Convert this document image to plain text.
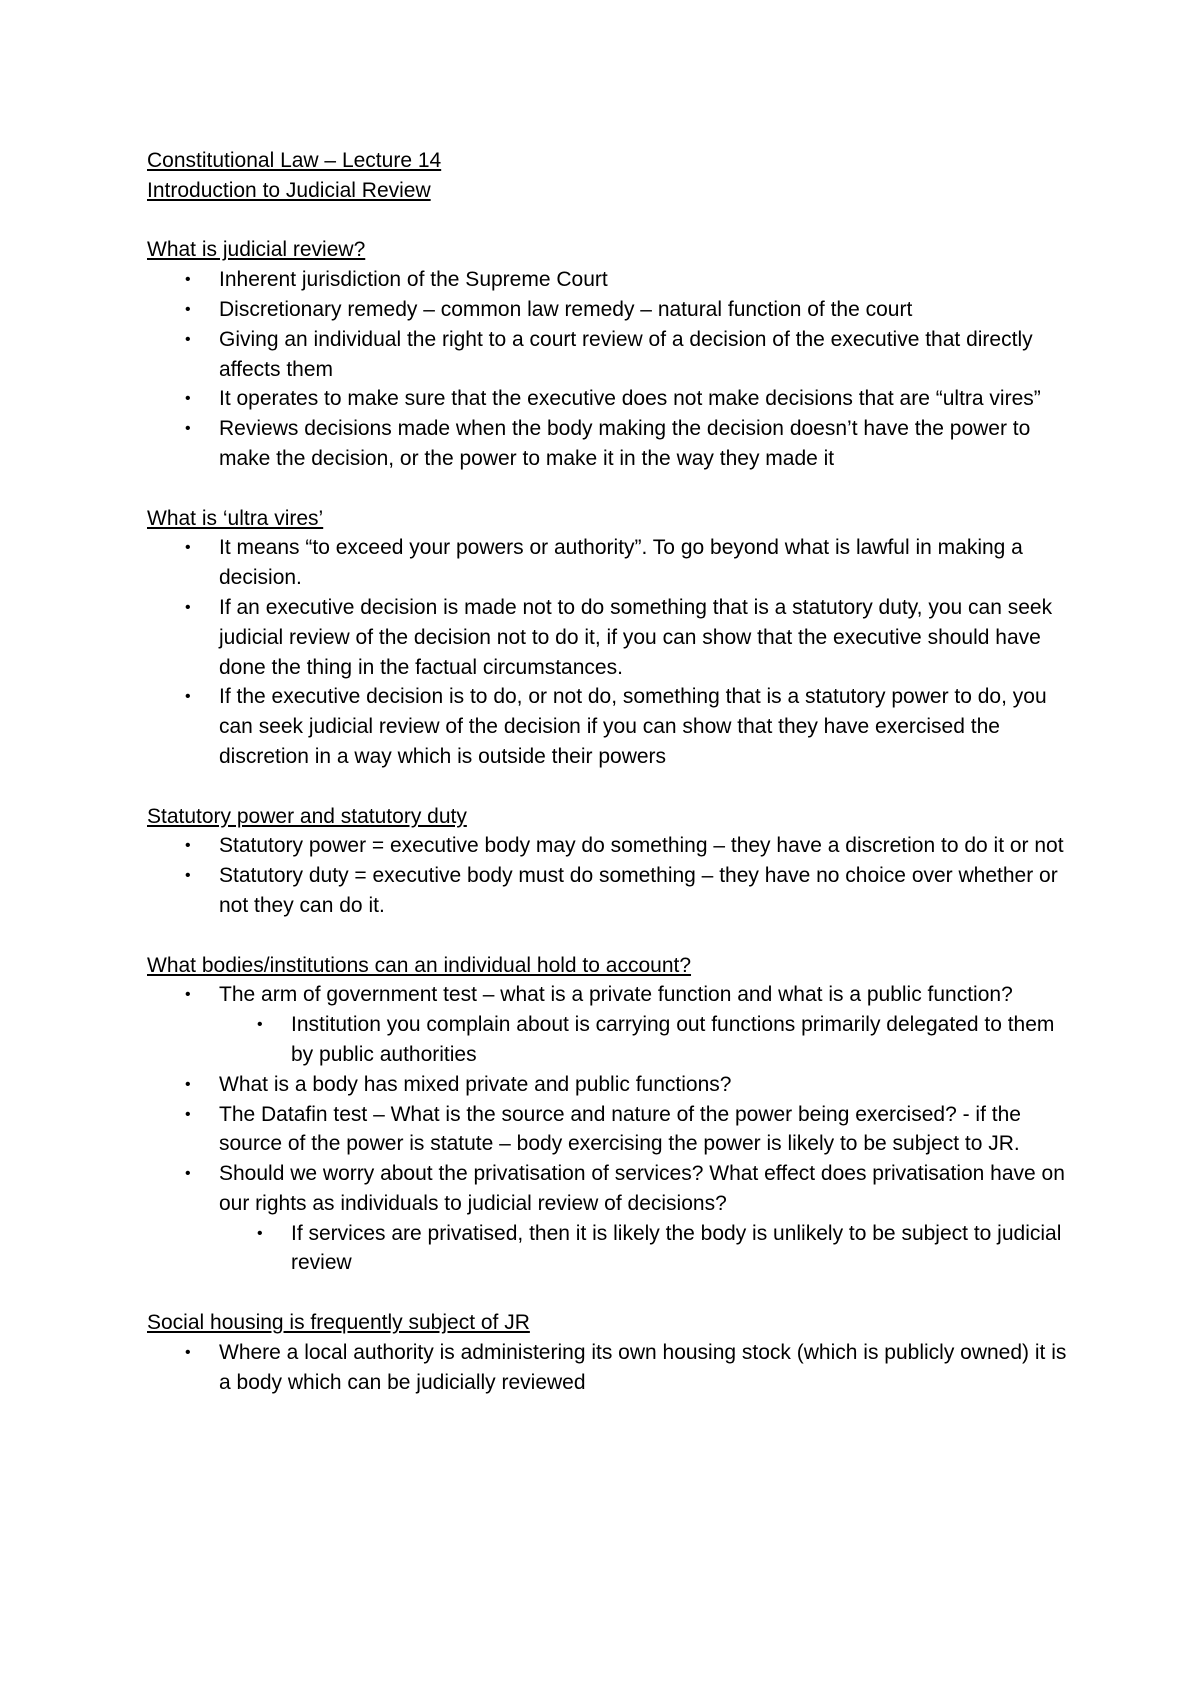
Constitutional Law – Lecture 14

Introduction to Judicial Review

What is judicial review?

• Inherent jurisdiction of the Supreme Court
• Discretionary remedy – common law remedy – natural function of the court
• Giving an individual the right to a court review of a decision of the executive that directly affects them
• It operates to make sure that the executive does not make decisions that are “ultra vires”
• Reviews decisions made when the body making the decision doesn’t have the power to make the decision, or the power to make it in the way they made it

What is ‘ultra vires’

• It means “to exceed your powers or authority”. To go beyond what is lawful in making a decision.
• If an executive decision is made not to do something that is a statutory duty, you can seek judicial review of the decision not to do it, if you can show that the executive should have done the thing in the factual circumstances.
• If the executive decision is to do, or not do, something that is a statutory power to do, you can seek judicial review of the decision if you can show that they have exercised the discretion in a way which is outside their powers

Statutory power and statutory duty

• Statutory power = executive body may do something – they have a discretion to do it or not
• Statutory duty = executive body must do something – they have no choice over whether or not they can do it.

What bodies/institutions can an individual hold to account?

• The arm of government test – what is a private function and what is a public function?
• Institution you complain about is carrying out functions primarily delegated to them by public authorities
• What is a body has mixed private and public functions?
• The Datafin test – What is the source and nature of the power being exercised? - if the source of the power is statute – body exercising the power is likely to be subject to JR.
• Should we worry about the privatisation of services? What effect does privatisation have on our rights as individuals to judicial review of decisions?
• If services are privatised, then it is likely the body is unlikely to be subject to judicial review

Social housing is frequently subject of JR

• Where a local authority is administering its own housing stock (which is publicly owned) it is a body which can be judicially reviewed
